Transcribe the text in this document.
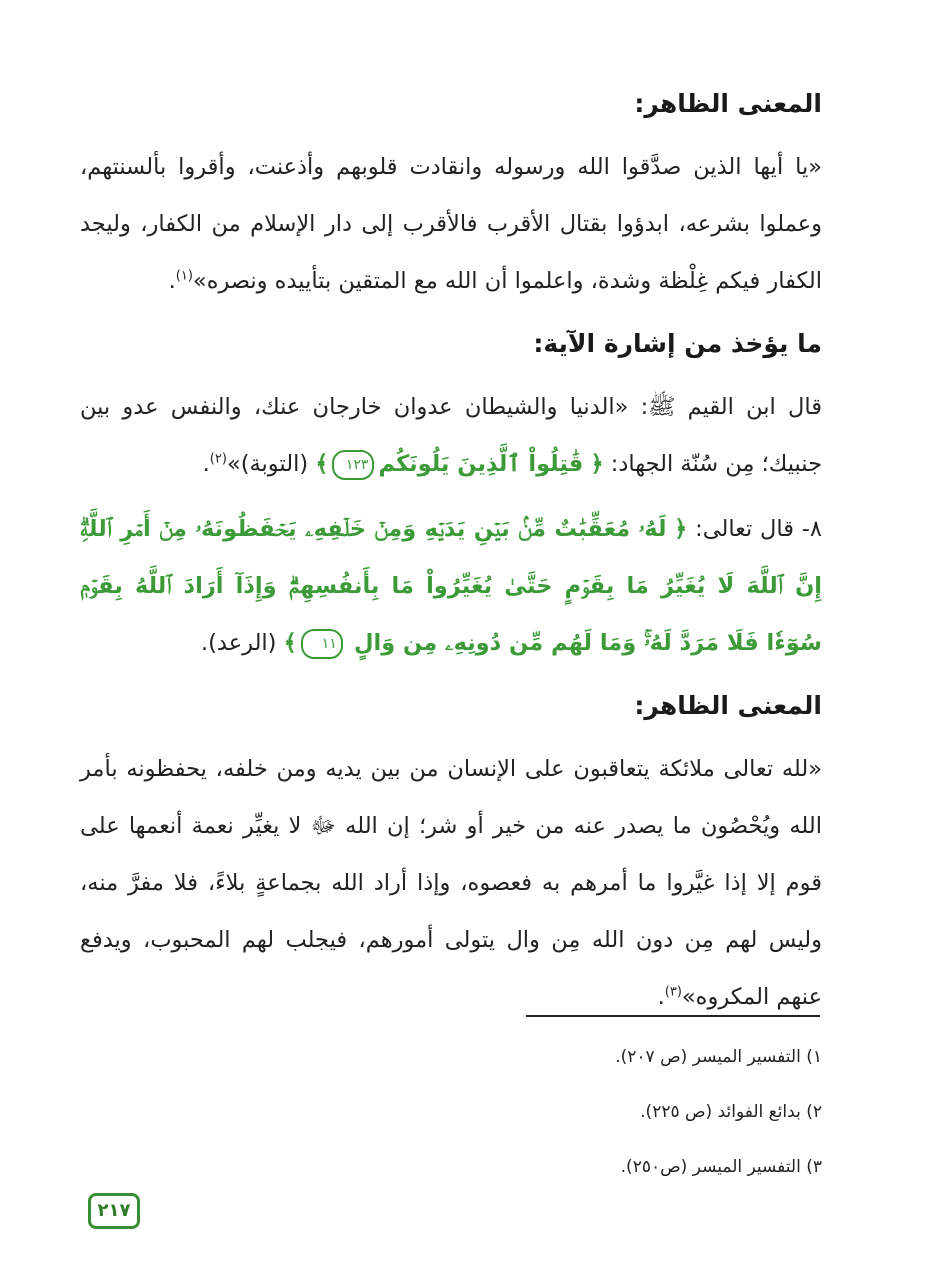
المعنى الظاهر:

«يا أيها الذين صدَّقوا الله ورسوله وانقادت قلوبهم وأذعنت، وأقروا بألسنتهم، وعملوا بشرعه، ابدؤوا بقتال الأقرب فالأقرب إلى دار الإسلام من الكفار، وليجد الكفار فيكم غِلْظة وشدة، واعلموا أن الله مع المتقين بتأييده ونصره»$^{(١)}$.

ما يؤخذ من إشارة الآية:

قال ابن القيم ﷺ: «الدنيا والشيطان عدوان خارجان عنك، والنفس عدو بين جنبيك؛ مِن سُنّة الجهاد: ﴿ قَٰتِلُواْ ٱلَّذِينَ يَلُونَكُم١٢٣﴾ (التوبة)»$^{(٢)}$.

٨- قال تعالى: ﴿ لَهُۥ مُعَقِّبَٰتٌ مِّنۢ بَيۡنِ يَدَيۡهِ وَمِنۡ خَلۡفِهِۦ يَحۡفَظُونَهُۥ مِنۡ أَمۡرِ ٱللَّهِۗ إِنَّ ٱللَّهَ لَا يُغَيِّرُ مَا بِقَوۡمٍ حَتَّىٰ يُغَيِّرُواْ مَا بِأَنفُسِهِمۡۗ وَإِذَآ أَرَادَ ٱللَّهُ بِقَوۡمٖ سُوٓءٗا فَلَا مَرَدَّ لَهُۥۚ وَمَا لَهُم مِّن دُونِهِۦ مِن وَالٍ ١١﴾ (الرعد).

المعنى الظاهر:

«لله تعالى ملائكة يتعاقبون على الإنسان من بين يديه ومن خلفه، يحفظونه بأمر الله ويُحْصُون ما يصدر عنه من خير أو شر؛ إن الله ﷻ لا يغيِّر نعمة أنعمها على قوم إلا إذا غيَّروا ما أمرهم به فعصوه، وإذا أراد الله بجماعةٍ بلاءً، فلا مفرَّ منه، وليس لهم مِن دون الله مِن وال يتولى أمورهم، فيجلب لهم المحبوب، ويدفع عنهم المكروه»$^{(٣)}$.

١) التفسير الميسر (ص ٢٠٧).
٢) بدائع الفوائد (ص ٢٢٥).
٣) التفسير الميسر (ص٢٥٠).
٢١٧
